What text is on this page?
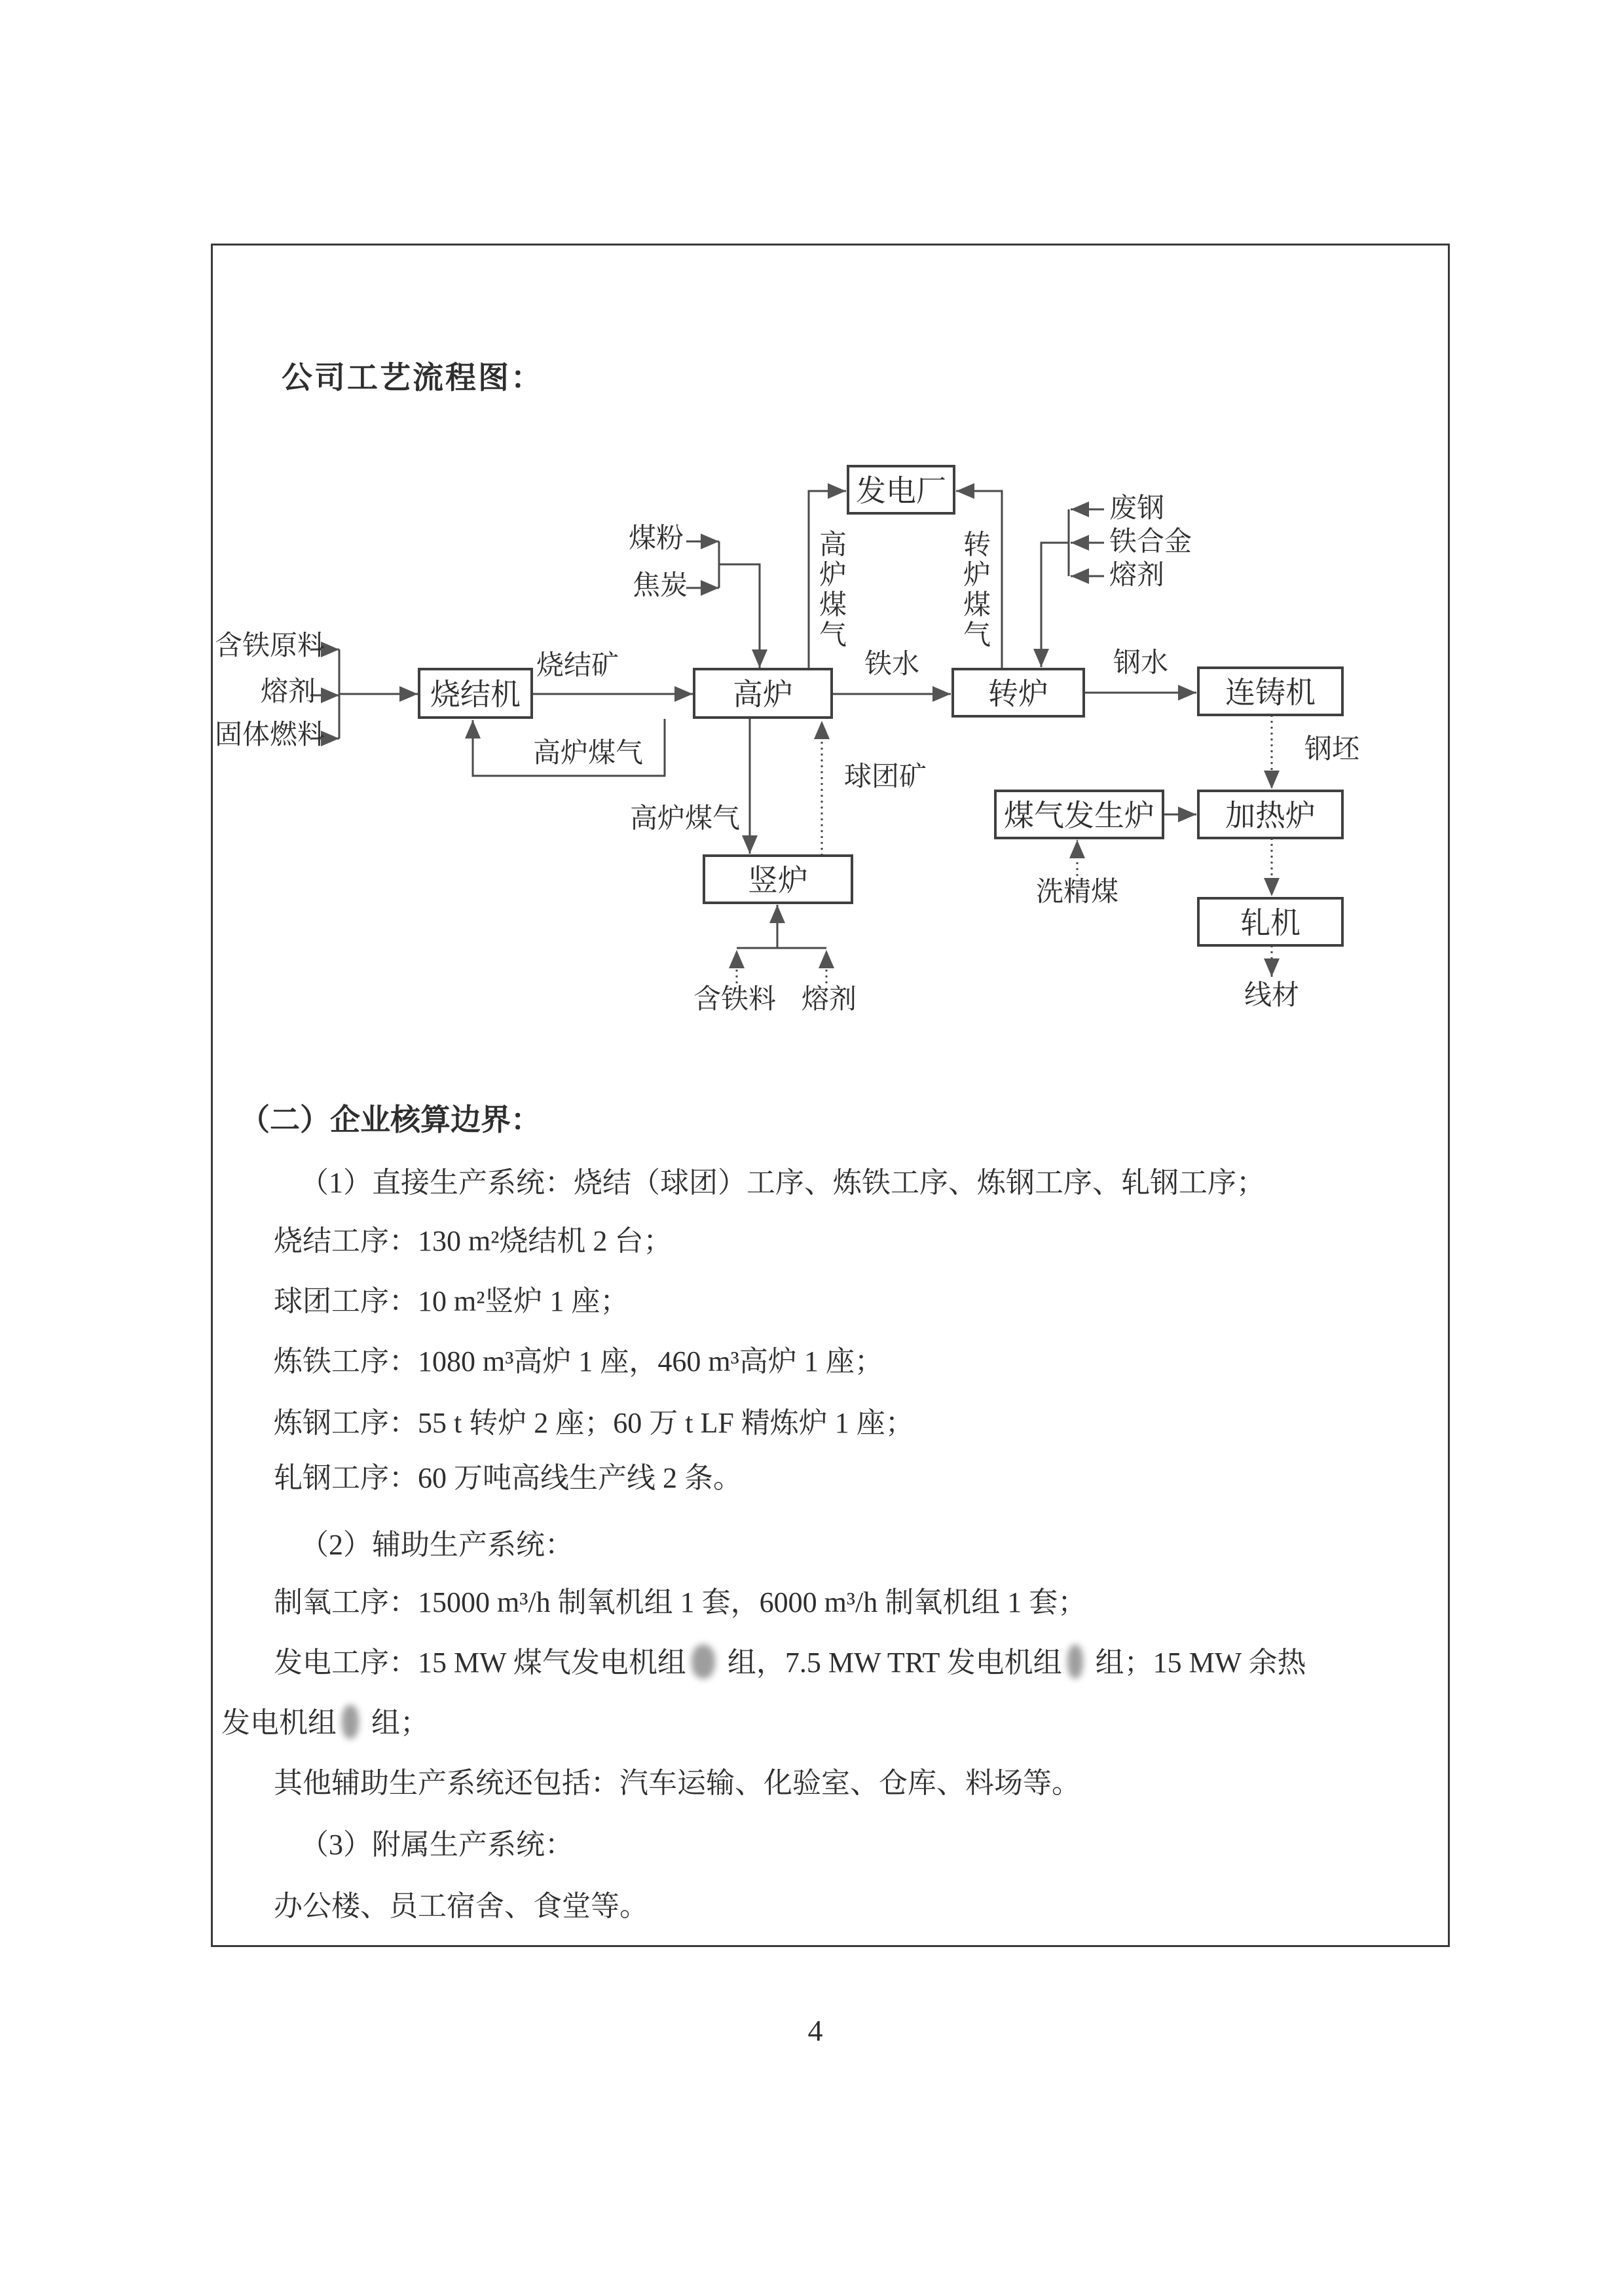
公司工艺流程图：
发电厂
烧结机	高炉	转炉	连铸机
煤气发生炉 加热炉
竖炉
轧机
含铁原料
熔剂
固体燃料
煤粉
焦炭
烧结矿
高炉煤气
高炉煤气
转炉煤气
废钢
铁合金
熔剂
铁水	钢水
钢坯
高炉煤气
球团矿
洗精煤
含铁料 熔剂	线材
（二）企业核算边界：
（1）直接生产系统：烧结（球团）工序、炼铁工序、炼钢工序、轧钢工序；
烧结工序：130 m²烧结机 2 台；
球团工序：10 m²竖炉 1 座；
炼铁工序：1080 m³高炉 1 座，460 m³高炉 1 座；
炼钢工序：55 t 转炉 2 座；60 万 t LF 精炼炉 1 座；
轧钢工序：60 万吨高线生产线 2 条。
（2）辅助生产系统：
制氧工序：15000 m³/h 制氧机组 1 套，6000 m³/h 制氧机组 1 套；
发电工序：15 MW 煤气发电机组 组，7.5 MW TRT 发电机组 组；15 MW 余热
发电机组 组；
其他辅助生产系统还包括：汽车运输、化验室、仓库、料场等。
（3）附属生产系统：
办公楼、员工宿舍、食堂等。
4
